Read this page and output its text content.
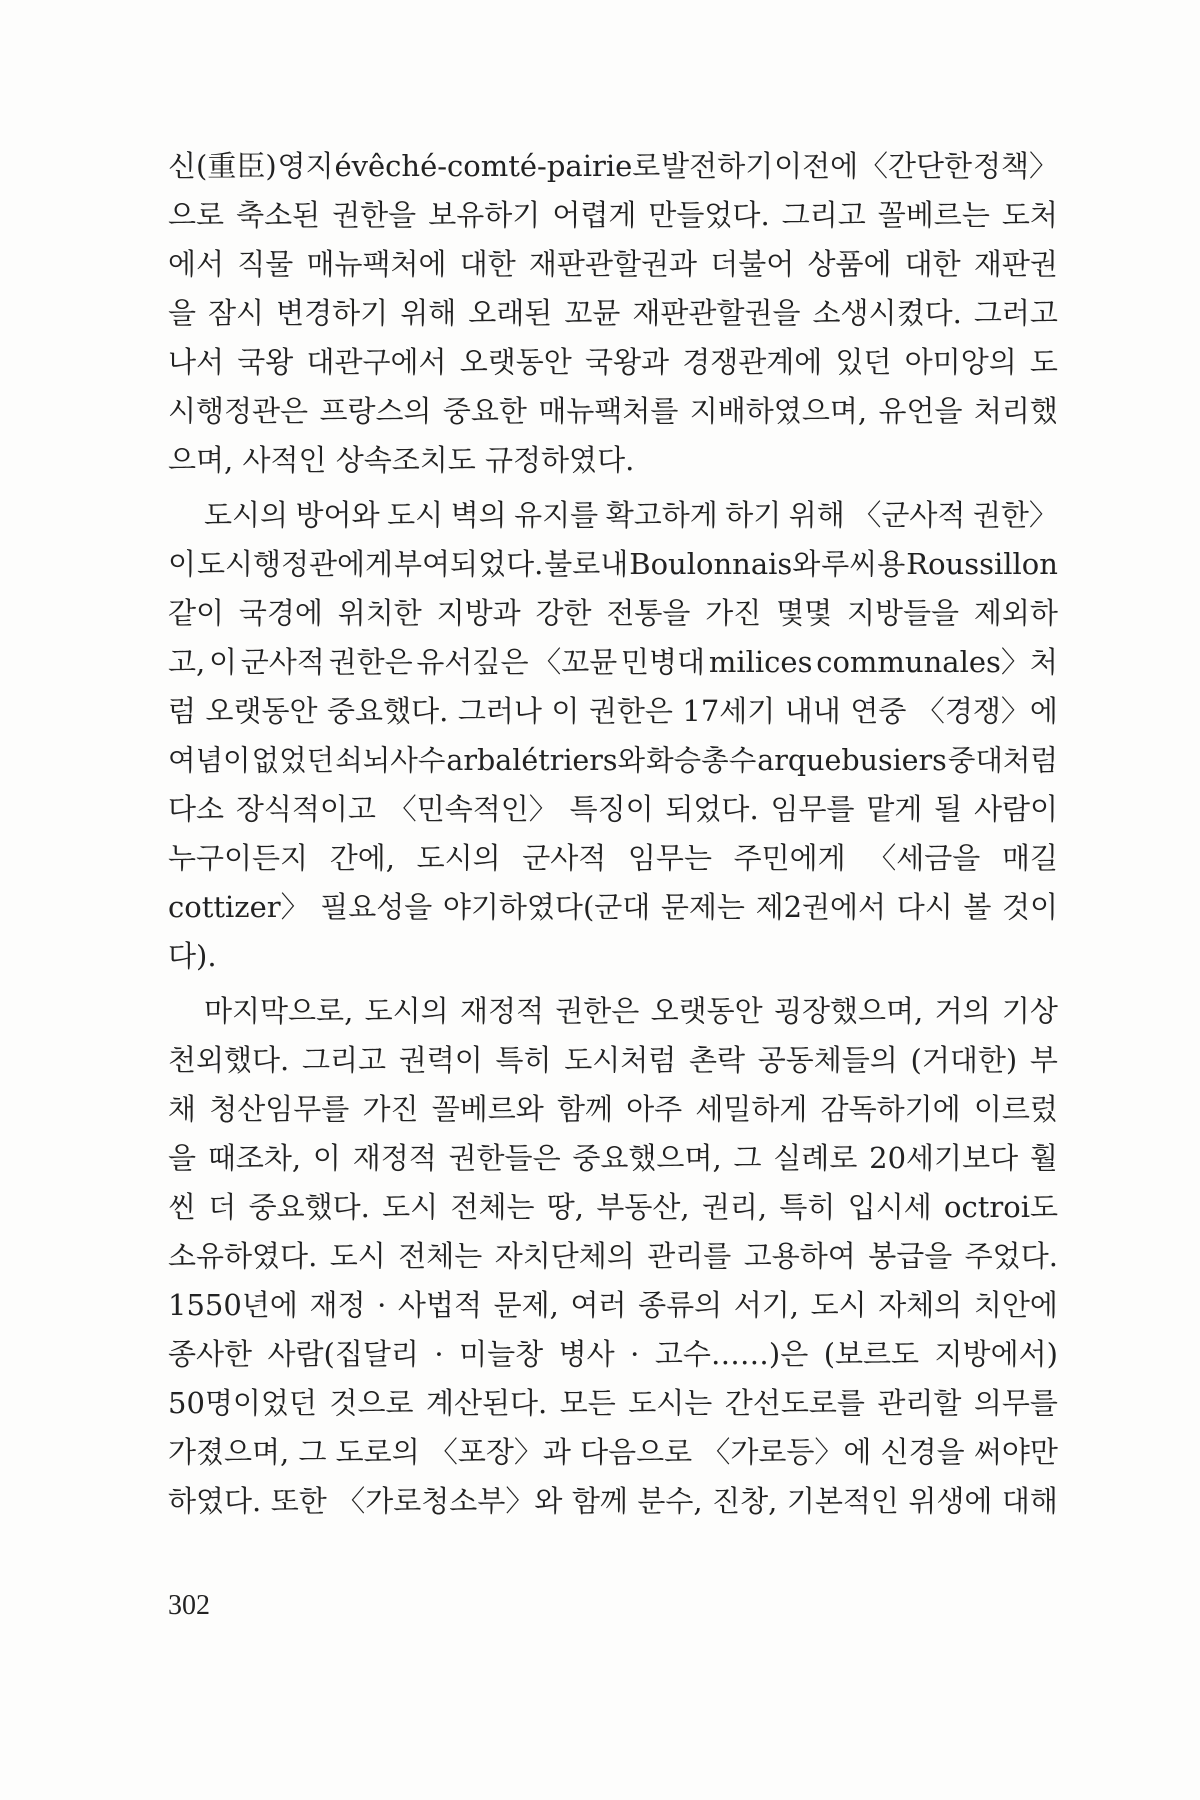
신(重臣) 영지 évêché-comté-pairie로 발전하기 이전에 〈간단한 정책〉
으로 축소된 권한을 보유하기 어렵게 만들었다. 그리고 꼴베르는 도처
에서 직물 매뉴팩처에 대한 재판관할권과 더불어 상품에 대한 재판권
을 잠시 변경하기 위해 오래된 꼬뮨 재판관할권을 소생시켰다. 그러고
나서 국왕 대관구에서 오랫동안 국왕과 경쟁관계에 있던 아미앙의 도
시행정관은 프랑스의 중요한 매뉴팩처를 지배하였으며, 유언을 처리했
으며, 사적인 상속조치도 규정하였다.
도시의 방어와 도시 벽의 유지를 확고하게 하기 위해 〈군사적 권한〉
이 도시행정관에게 부여되었다. 불로내 Boulonnais와 루씨용 Roussillon
같이 국경에 위치한 지방과 강한 전통을 가진 몇몇 지방들을 제외하
고, 이 군사적 권한은 유서깊은 〈꼬뮨 민병대 milices communales〉처
럼 오랫동안 중요했다. 그러나 이 권한은 17세기 내내 연중 〈경쟁〉에
여념이 없었던 쇠뇌사수 arbalétriers와 화승총수 arquebusiers 중대처럼
다소 장식적이고 〈민속적인〉 특징이 되었다. 임무를 맡게 될 사람이
누구이든지 간에, 도시의 군사적 임무는 주민에게 〈세금을 매길
cottizer〉 필요성을 야기하였다(군대 문제는 제2권에서 다시 볼 것이
다).
마지막으로, 도시의 재정적 권한은 오랫동안 굉장했으며, 거의 기상
천외했다. 그리고 권력이 특히 도시처럼 촌락 공동체들의 (거대한) 부
채 청산임무를 가진 꼴베르와 함께 아주 세밀하게 감독하기에 이르렀
을 때조차, 이 재정적 권한들은 중요했으며, 그 실례로 20세기보다 훨
씬 더 중요했다. 도시 전체는 땅, 부동산, 권리, 특히 입시세 octroi도
소유하였다. 도시 전체는 자치단체의 관리를 고용하여 봉급을 주었다.
1550년에 재정 · 사법적 문제, 여러 종류의 서기, 도시 자체의 치안에
종사한 사람(집달리 · 미늘창 병사 · 고수……)은 (보르도 지방에서)
50명이었던 것으로 계산된다. 모든 도시는 간선도로를 관리할 의무를
가졌으며, 그 도로의 〈포장〉과 다음으로 〈가로등〉에 신경을 써야만
하였다. 또한 〈가로청소부〉와 함께 분수, 진창, 기본적인 위생에 대해
302
